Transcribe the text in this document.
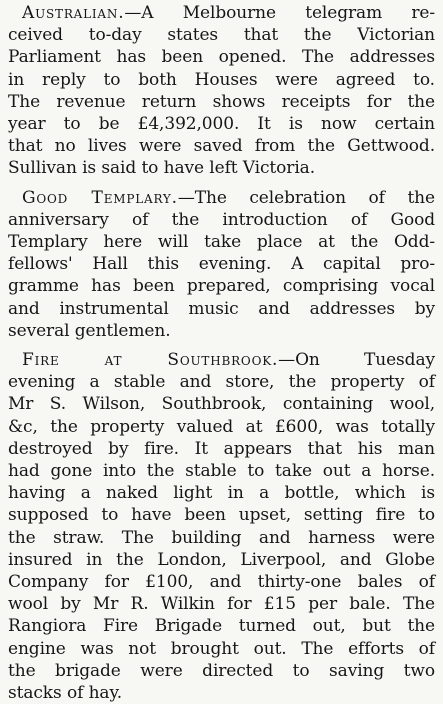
Australian.—A Melbourne telegram re-
ceived to-day states that the Victorian
Parliament has been opened. The addresses
in reply to both Houses were agreed to.
The revenue return shows receipts for the
year to be £4,392,000. It is now certain
that no lives were saved from the Gettwood.
Sullivan is said to have left Victoria.
Good Templary.—The celebration of the
anniversary of the introduction of Good
Templary here will take place at the Odd-
fellows' Hall this evening. A capital pro-
gramme has been prepared, comprising vocal
and instrumental music and addresses by
several gentlemen.
Fire at Southbrook.—On Tuesday
evening a stable and store, the property of
Mr S. Wilson, Southbrook, containing wool,
&c, the property valued at £600, was totally
destroyed by fire. It appears that his man
had gone into the stable to take out a horse.
having a naked light in a bottle, which is
supposed to have been upset, setting fire to
the straw. The building and harness were
insured in the London, Liverpool, and Globe
Company for £100, and thirty-one bales of
wool by Mr R. Wilkin for £15 per bale. The
Rangiora Fire Brigade turned out, but the
engine was not brought out. The efforts of
the brigade were directed to saving two
stacks of hay.
